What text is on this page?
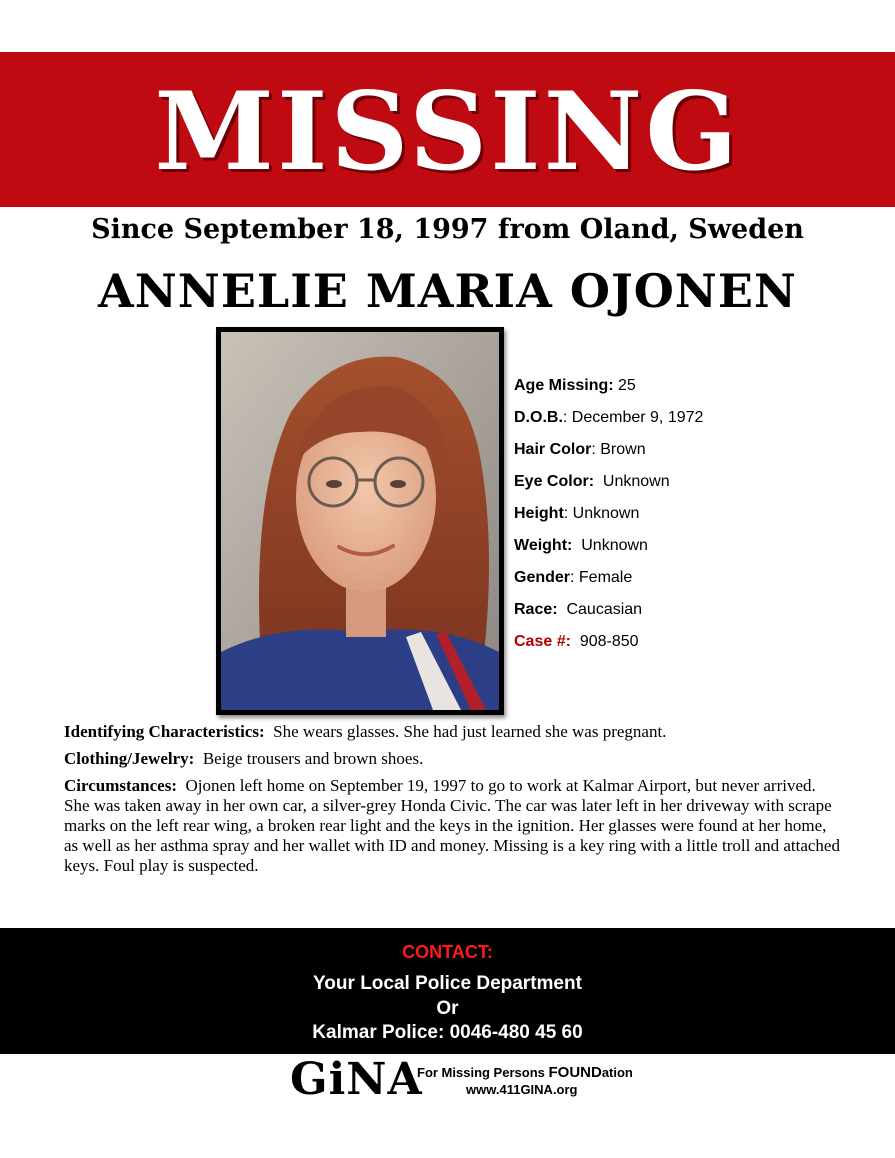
MISSING
Since September 18, 1997 from Oland, Sweden
ANNELIE MARIA OJONEN
Age Missing: 25
D.O.B.: December 9, 1972
Hair Color: Brown
Eye Color: Unknown
Height: Unknown
Weight: Unknown
Gender: Female
Race: Caucasian
Case #: 908-850

Identifying Characteristics: She wears glasses. She had just learned she was pregnant.

Clothing/Jewelry: Beige trousers and brown shoes.

Circumstances: Ojonen left home on September 19, 1997 to go to work at Kalmar Airport, but never arrived. She was taken away in her own car, a silver-grey Honda Civic. The car was later left in her driveway with scrape marks on the left rear wing, a broken rear light and the keys in the ignition. Her glasses were found at her home, as well as her asthma spray and her wallet with ID and money. Missing is a key ring with a little troll and attached keys. Foul play is suspected.

CONTACT:
Your Local Police Department
Or
Kalmar Police: 0046-480 45 60
GiNA
For Missing Persons FOUNDation
www.411GINA.org
